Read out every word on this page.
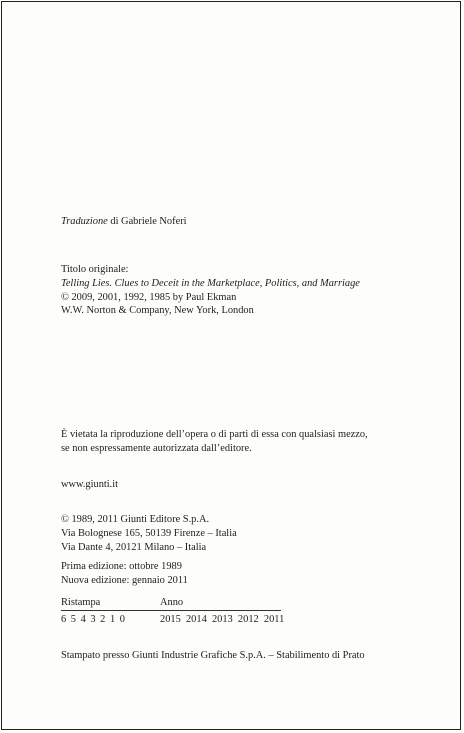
Traduzione di Gabriele Noferi
Titolo originale:
Telling Lies. Clues to Deceit in the Marketplace, Politics, and Marriage
© 2009, 2001, 1992, 1985 by Paul Ekman
W.W. Norton & Company, New York, London
È vietata la riproduzione dell’opera o di parti di essa con qualsiasi mezzo,
se non espressamente autorizzata dall’editore.
www.giunti.it
© 1989, 2011 Giunti Editore S.p.A.
Via Bolognese 165, 50139 Firenze – Italia
Via Dante 4, 20121 Milano – Italia
Prima edizione: ottobre 1989
Nuova edizione: gennaio 2011
Ristampa	Anno
6 5 4 3 2 1 0	2015  2014  2013  2012  2011
Stampato presso Giunti Industrie Grafiche S.p.A. – Stabilimento di Prato
